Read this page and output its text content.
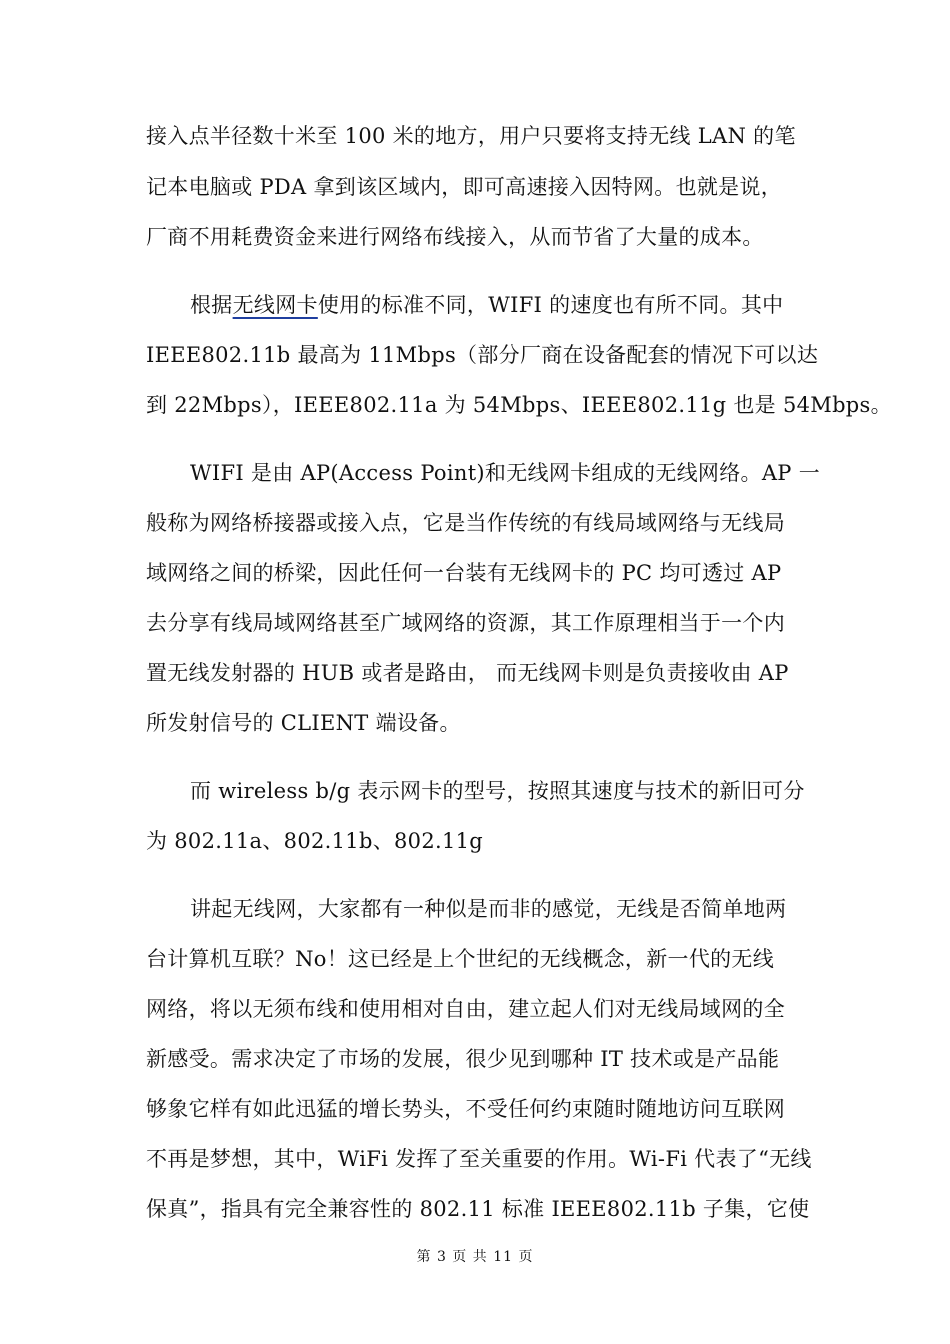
接入点半径数十米至 100 米的地方，用户只要将支持无线 LAN 的笔
记本电脑或 PDA 拿到该区域内，即可高速接入因特网。也就是说，
厂商不用耗费资金来进行网络布线接入，从而节省了大量的成本。
根据无线网卡使用的标准不同，WIFI 的速度也有所不同。其中
IEEE802.11b 最高为 11Mbps（部分厂商在设备配套的情况下可以达
到 22Mbps），IEEE802.11a 为 54Mbps、IEEE802.11g 也是 54Mbps。
WIFI 是由 AP(Access Point)和无线网卡组成的无线网络。AP 一
般称为网络桥接器或接入点，它是当作传统的有线局域网络与无线局
域网络之间的桥梁，因此任何一台装有无线网卡的 PC 均可透过 AP
去分享有线局域网络甚至广域网络的资源，其工作原理相当于一个内
置无线发射器的 HUB 或者是路由， 而无线网卡则是负责接收由 AP
所发射信号的 CLIENT 端设备。
而 wireless b/g 表示网卡的型号，按照其速度与技术的新旧可分
为 802.11a、802.11b、802.11g
讲起无线网，大家都有一种似是而非的感觉，无线是否简单地两
台计算机互联？No！这已经是上个世纪的无线概念，新一代的无线
网络，将以无须布线和使用相对自由，建立起人们对无线局域网的全
新感受。需求决定了市场的发展，很少见到哪种 IT 技术或是产品能
够象它样有如此迅猛的增长势头，不受任何约束随时随地访问互联网
不再是梦想，其中，WiFi 发挥了至关重要的作用。Wi-Fi 代表了“无线
保真”，指具有完全兼容性的 802.11 标准 IEEE802.11b 子集，它使
第 3 页 共 11 页
